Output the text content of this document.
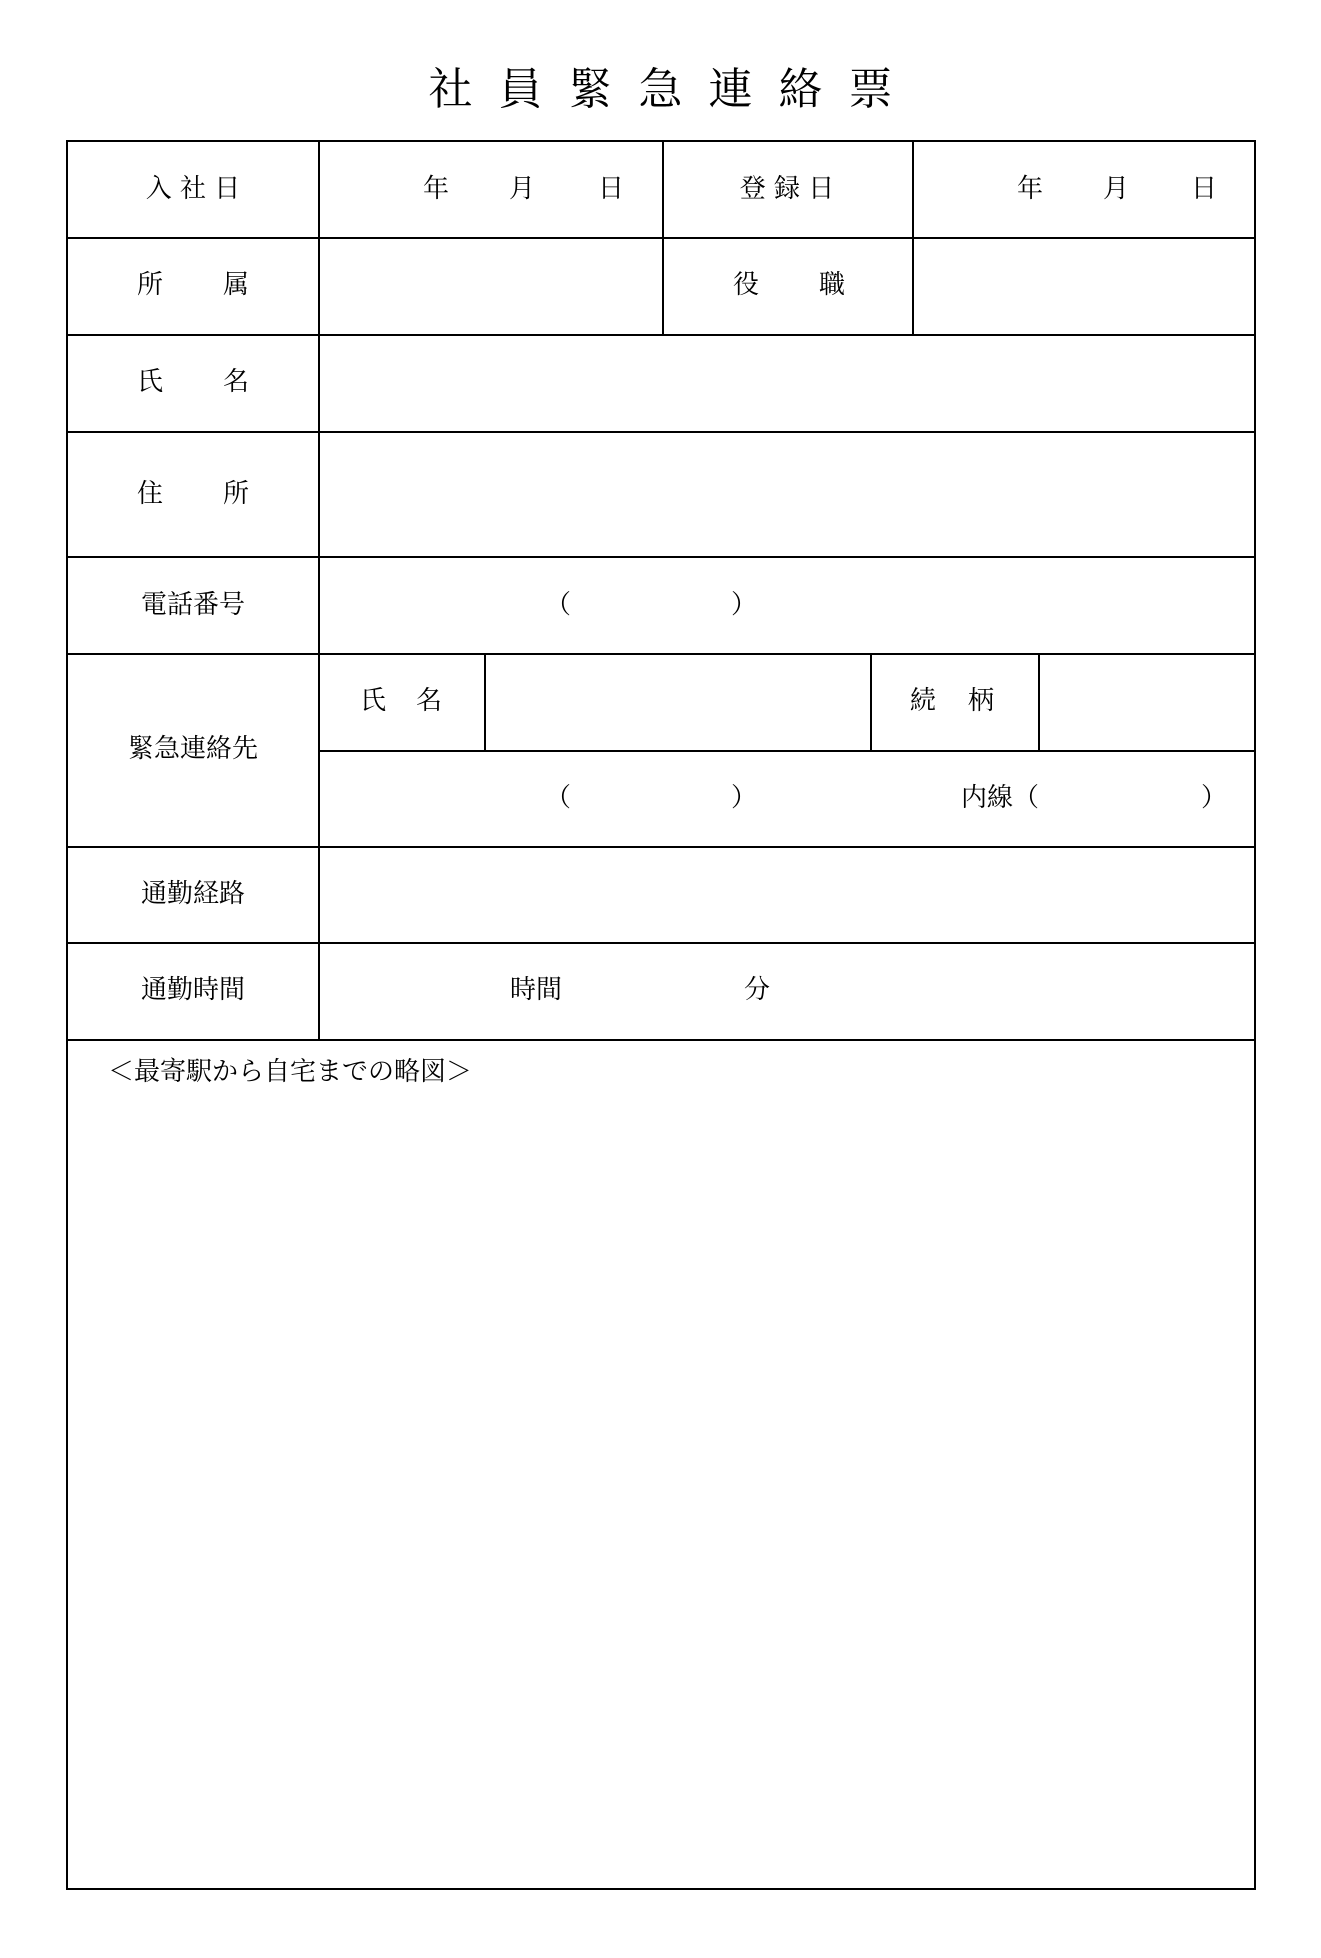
社員緊急連絡票
入 社 日	年 月 日	登 録 日	年 月 日
所 属	役 職
氏 名
住 所
電話番号	（	）
緊急連絡先
氏 名	続 柄
（	）	内線（	）
通勤経路
通勤時間	時間	分
＜最寄駅から自宅までの略図＞
